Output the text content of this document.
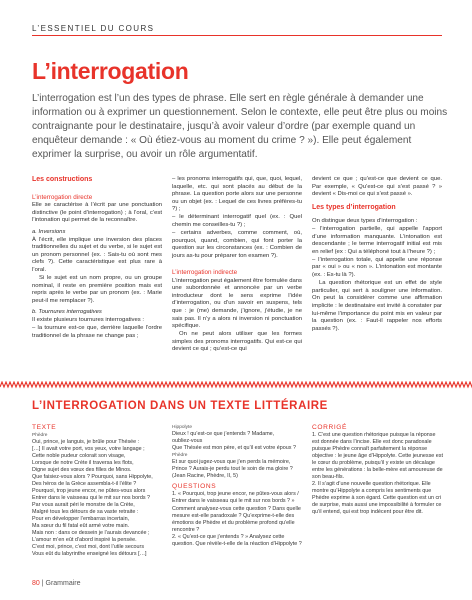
L’ESSENTIEL DU COURS
L’interrogation

L’interrogation est l’un des types de phrase. Elle sert en règle générale à demander une information ou à exprimer un questionnement. Selon le contexte, elle peut être plus ou moins contraignante pour le destinataire, jusqu’à avoir valeur d’ordre (par exemple quand un enquêteur demande : « Où étiez-vous au moment du crime ? »). Elle peut également exprimer la surprise, ou avoir un rôle argumentatif.

Les constructions
L’interrogation directe

Elle se caractérise à l’écrit par une ponctuation distinctive (le point d’interrogation) ; à l’oral, c’est l’intonation qui permet de la reconnaître.

a. Inversions

À l’écrit, elle implique une inversion des places traditionnelles du sujet et du verbe, si le sujet est un pronom personnel (ex. : Sais-tu où sont mes clefs ?). Cette caractéristique est plus rare à l’oral.

Si le sujet est un nom propre, ou un groupe nominal, il reste en première position mais est repris après le verbe par un pronom (ex. : Marie peut-il me remplacer ?).

b. Tournures interrogatives

Il existe plusieurs tournures interrogatives :

– la tournure est-ce que, derrière laquelle l’ordre traditionnel de la phrase ne change pas ;

– les pronoms interrogatifs qui, que, quoi, lequel, laquelle, etc. qui sont placés au début de la phrase. La question porte alors sur une personne ou un objet (ex. : Lequel de ces livres préfères-tu ?) ;

– le déterminant interrogatif quel (ex. : Quel chemin me conseilles-tu ?) ;

– certains adverbes, comme comment, où, pourquoi, quand, combien, qui font porter la question sur les circonstances (ex. : Combien de jours as-tu pour préparer ton examen ?).

L’interrogation indirecte

L’interrogation peut également être formulée dans une subordonnée et annoncée par un verbe introducteur dont le sens exprime l’idée d’interrogation, ou d’un savoir en suspens, tels que : je (me) demande, j’ignore, j’étudie, je ne sais pas. Il n’y a alors ni inversion ni ponctuation spécifique.

On ne peut alors utiliser que les formes simples des pronoms interrogatifs. Qui est-ce qui devient ce qui ; qu’est-ce qui

devient ce que ; qu’est-ce que devient ce que. Par exemple, « Qu’est-ce qui s’est passé ? » devient « Dis-moi ce qui s’est passé ».

Les types d’interrogation

On distingue deux types d’interrogation :

– l’interrogation partielle, qui appelle l’apport d’une information manquante. L’intonation est descendante ; le terme interrogatif initial est mis en relief (ex : Qui a téléphoné tout à l’heure ?) ;

– l’interrogation totale, qui appelle une réponse par « oui » ou « non ». L’intonation est montante (ex. : Es-tu là ?).

La question rhétorique est un effet de style particulier, qui sert à souligner une information. On peut la considérer comme une affirmation implicite : le destinataire est invité à constater par lui-même l’importance du point mis en valeur par la question (ex. : Faut-il rappeler nos efforts passés ?).

L’INTERROGATION DANS UN TEXTE LITTÉRAIRE
TEXTE
Phèdre
Oui, prince, je languis, je brûle pour Thésée :
[…] Il avait votre port, vos yeux, votre langage ;
Cette noble pudeur colorait son visage,
Lorsque de notre Crète il traversa les flots,
Digne sujet des vœux des filles de Minos.
Que faisiez-vous alors ? Pourquoi, sans Hippolyte,
Des héros de la Grèce assembla-t-il l’élite ?
Pourquoi, trop jeune encor, ne pûtes-vous alors
Entrer dans le vaisseau qui le mit sur nos bords ?
Par vous aurait péri le monstre de la Crète,
Malgré tous les détours de sa vaste retraite :
Pour en développer l’embarras incertain,
Ma sœur du fil fatal eût armé votre main.
Mais non : dans ce dessein je l’aurais devancée ;
L’amour m’en eût d’abord inspiré la pensée.
C’est moi, prince, c’est moi, dont l’utile secours
Vous eût du labyrinthe enseigné les détours […]
Hippolyte
Dieux ! qu’est-ce que j’entends ? Madame,
oubliez-vous
Que Thésée est mon père, et qu’il est votre époux ?
Phèdre
Et sur quoi jugez-vous que j’en perds la mémoire,
Prince ? Aurais-je perdu tout le soin de ma gloire ?
(Jean Racine, Phèdre, II, 5)
QUESTIONS

1. « Pourquoi, trop jeune encor, ne pûtes-vous alors / Entrer dans le vaisseau qui le mit sur nos bords ? » Comment analysez-vous cette question ? Dans quelle mesure est-elle paradoxale ? Qu’exprime-t-elle des émotions de Phèdre et du problème profond qu’elle rencontre ?

2. « Qu’est-ce que j’entends ? » Analysez cette question. Que révèle-t-elle de la réaction d’Hippolyte ?

CORRIGÉ

1. C’est une question rhétorique puisque la réponse est donnée dans l’incise. Elle est donc paradoxale puisque Phèdre connaît parfaitement la réponse objective : le jeune âge d’Hippolyte. Cette jeunesse est le cœur du problème, puisqu’il y existe un décalage entre les générations : la belle-mère est amoureuse de son beau-fils.

2. Il s’agit d’une nouvelle question rhétorique. Elle montre qu’Hippolyte a compris les sentiments que Phèdre exprime à son égard. Cette question est un cri de surprise, mais aussi une impossibilité à formuler ce qu’il entend, qui est trop indécent pour être dit.

80 | Grammaire
